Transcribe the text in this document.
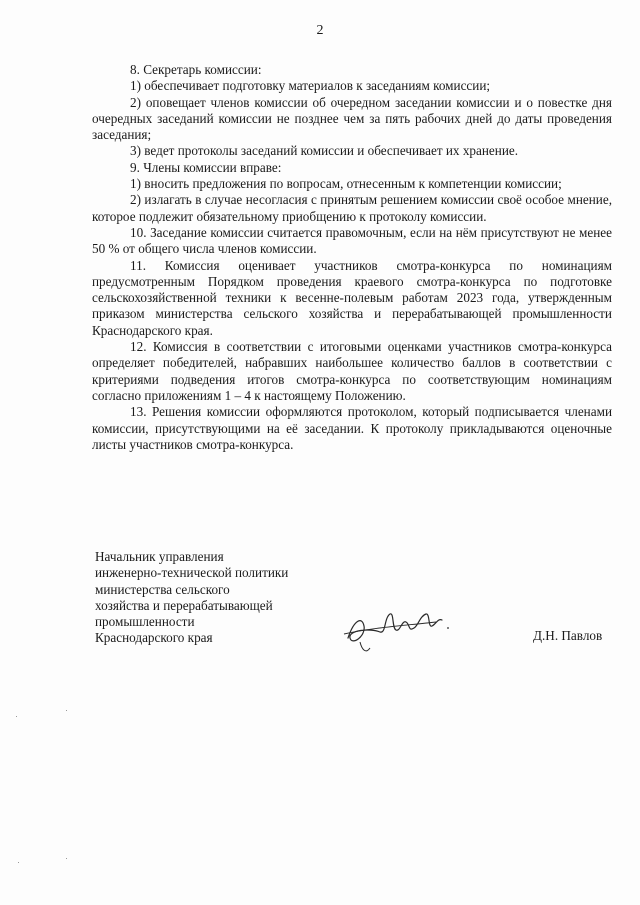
2

8. Секретарь комиссии:

1) обеспечивает подготовку материалов к заседаниям комиссии;

2) оповещает членов комиссии об очередном заседании комиссии и о повестке дня очередных заседаний комиссии не позднее чем за пять рабочих дней до даты проведения заседания;

3) ведет протоколы заседаний комиссии и обеспечивает их хранение.

9. Члены комиссии вправе:

1) вносить предложения по вопросам, отнесенным к компетенции комиссии;

2) излагать в случае несогласия с принятым решением комиссии своё особое мнение, которое подлежит обязательному приобщению к протоколу комиссии.

10. Заседание комиссии считается правомочным, если на нём присутствуют не менее 50 % от общего числа членов комиссии.

11. Комиссия оценивает участников смотра-конкурса по номинациям предусмотренным Порядком проведения краевого смотра-конкурса по подготовке сельскохозяйственной техники к весенне-полевым работам 2023 года, утвержденным приказом министерства сельского хозяйства и перерабатывающей промышленности Краснодарского края.

12. Комиссия в соответствии с итоговыми оценками участников смотра-конкурса определяет победителей, набравших наибольшее количество баллов в соответствии с критериями подведения итогов смотра-конкурса по соответствующим номинациям согласно приложениям 1 – 4 к настоящему Положению.

13. Решения комиссии оформляются протоколом, который подписывается членами комиссии, присутствующими на её заседании. К протоколу прикладываются оценочные листы участников смотра-конкурса.

Начальник управления
инженерно-технической политики
министерства сельского
хозяйства и перерабатывающей
промышленности
Краснодарского края	Д.Н. Павлов
